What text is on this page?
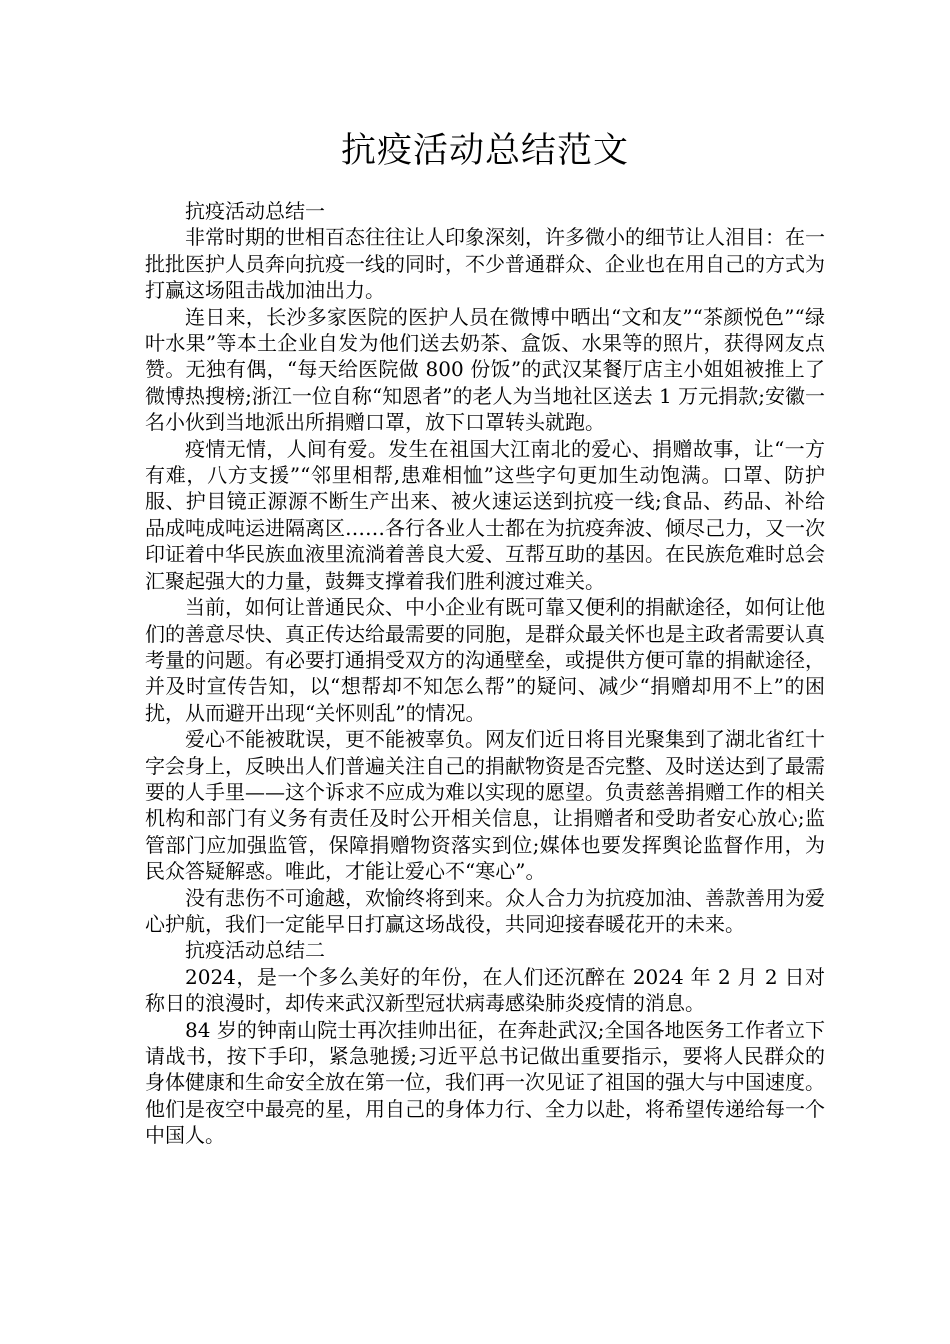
抗疫活动总结范文

抗疫活动总结一

非常时期的世相百态往往让人印象深刻，许多微小的细节让人泪目：在一批批医护人员奔向抗疫一线的同时，不少普通群众、企业也在用自己的方式为打赢这场阻击战加油出力。

连日来，长沙多家医院的医护人员在微博中晒出“文和友”“茶颜悦色”“绿叶水果”等本土企业自发为他们送去奶茶、盒饭、水果等的照片，获得网友点赞。无独有偶，“每天给医院做 800 份饭”的武汉某餐厅店主小姐姐被推上了微博热搜榜;浙江一位自称“知恩者”的老人为当地社区送去 1 万元捐款;安徽一名小伙到当地派出所捐赠口罩，放下口罩转头就跑。

疫情无情，人间有爱。发生在祖国大江南北的爱心、捐赠故事，让“一方有难，八方支援”“邻里相帮,患难相恤”这些字句更加生动饱满。口罩、防护服、护目镜正源源不断生产出来、被火速运送到抗疫一线;食品、药品、补给品成吨成吨运进隔离区……各行各业人士都在为抗疫奔波、倾尽己力，又一次印证着中华民族血液里流淌着善良大爱、互帮互助的基因。在民族危难时总会汇聚起强大的力量，鼓舞支撑着我们胜利渡过难关。

当前，如何让普通民众、中小企业有既可靠又便利的捐献途径，如何让他们的善意尽快、真正传达给最需要的同胞，是群众最关怀也是主政者需要认真考量的问题。有必要打通捐受双方的沟通壁垒，或提供方便可靠的捐献途径，并及时宣传告知，以“想帮却不知怎么帮”的疑问、减少“捐赠却用不上”的困扰，从而避开出现“关怀则乱”的情况。

爱心不能被耽误，更不能被辜负。网友们近日将目光聚集到了湖北省红十字会身上，反映出人们普遍关注自己的捐献物资是否完整、及时送达到了最需要的人手里——这个诉求不应成为难以实现的愿望。负责慈善捐赠工作的相关机构和部门有义务有责任及时公开相关信息，让捐赠者和受助者安心放心;监管部门应加强监管，保障捐赠物资落实到位;媒体也要发挥舆论监督作用，为民众答疑解惑。唯此，才能让爱心不“寒心”。

没有悲伤不可逾越，欢愉终将到来。众人合力为抗疫加油、善款善用为爱心护航，我们一定能早日打赢这场战役，共同迎接春暖花开的未来。

抗疫活动总结二

2024，是一个多么美好的年份，在人们还沉醉在 2024 年 2 月 2 日对称日的浪漫时，却传来武汉新型冠状病毒感染肺炎疫情的消息。

84 岁的钟南山院士再次挂帅出征，在奔赴武汉;全国各地医务工作者立下请战书，按下手印，紧急驰援;习近平总书记做出重要指示，要将人民群众的身体健康和生命安全放在第一位，我们再一次见证了祖国的强大与中国速度。他们是夜空中最亮的星，用自己的身体力行、全力以赴，将希望传递给每一个中国人。
